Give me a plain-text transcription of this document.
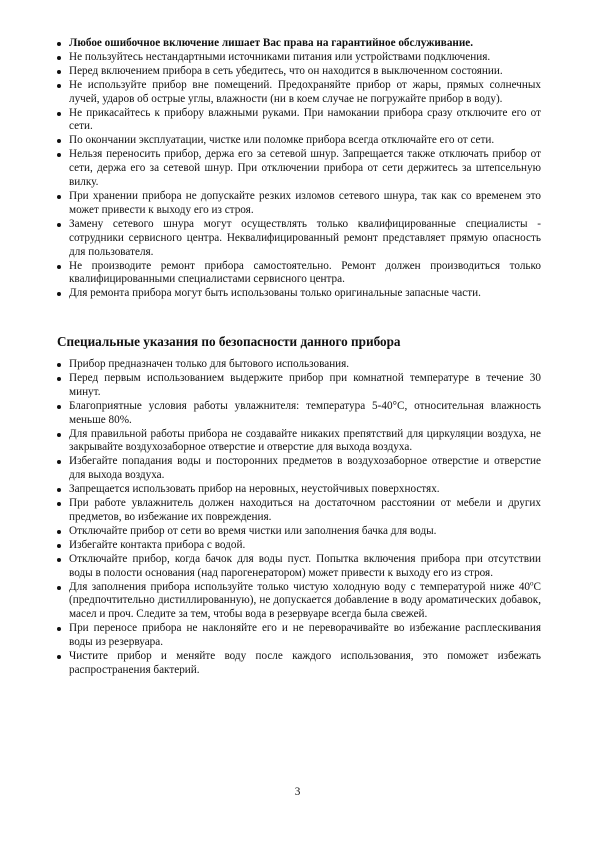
Любое ошибочное включение лишает Вас права на гарантийное обслуживание.
Не пользуйтесь нестандартными источниками питания или устройствами подключения.
Перед включением прибора в сеть убедитесь, что он находится в выключенном состоянии.
Не используйте прибор вне помещений. Предохраняйте прибор от жары, прямых солнечных лучей, ударов об острые углы, влажности (ни в коем случае не погружайте прибор в воду).
Не прикасайтесь к прибору влажными руками. При намокании прибора сразу отключите его от сети.
По окончании эксплуатации, чистке или поломке прибора всегда отключайте его от сети.
Нельзя переносить прибор, держа его за сетевой шнур. Запрещается также отключать прибор от сети, держа его за сетевой шнур. При отключении прибора от сети держитесь за штепсельную вилку.
При хранении прибора не допускайте резких изломов сетевого шнура, так как со временем это может привести к выходу его из строя.
Замену сетевого шнура могут осуществлять только квалифицированные специалисты - сотрудники сервисного центра. Неквалифицированный ремонт представляет прямую опасность для пользователя.
Не производите ремонт прибора самостоятельно. Ремонт должен производиться только квалифицированными специалистами сервисного центра.
Для ремонта прибора могут быть использованы только оригинальные запасные части.
Специальные указания по безопасности данного прибора
Прибор предназначен только для бытового использования.
Перед первым использованием выдержите прибор при комнатной температуре в течение 30 минут.
Благоприятные условия работы увлажнителя: температура 5-40°С, относительная влажность меньше 80%.
Для правильной работы прибора не создавайте никаких препятствий для циркуляции воздуха, не закрывайте воздухозаборное отверстие и отверстие для выхода воздуха.
Избегайте попадания воды и посторонних предметов в воздухозаборное отверстие и отверстие для выхода воздуха.
Запрещается использовать прибор на неровных, неустойчивых поверхностях.
При работе увлажнитель должен находиться на достаточном расстоянии от мебели и других предметов, во избежание их повреждения.
Отключайте прибор от сети во время чистки или заполнения бачка для воды.
Избегайте контакта прибора с водой.
Отключайте прибор, когда бачок для воды пуст. Попытка включения прибора при отсутствии воды в полости основания (над парогенератором) может привести к выходу его из строя.
Для заполнения прибора используйте только чистую холодную воду с температурой ниже 40$^o$С (предпочтительно дистиллированную), не допускается добавление в воду ароматических добавок, масел и проч. Следите за тем, чтобы вода в резервуаре всегда была свежей.
При переносе прибора не наклоняйте его и не переворачивайте во избежание расплескивания воды из резервуара.
Чистите прибор и меняйте воду после каждого использования, это поможет избежать распространения бактерий.
3
